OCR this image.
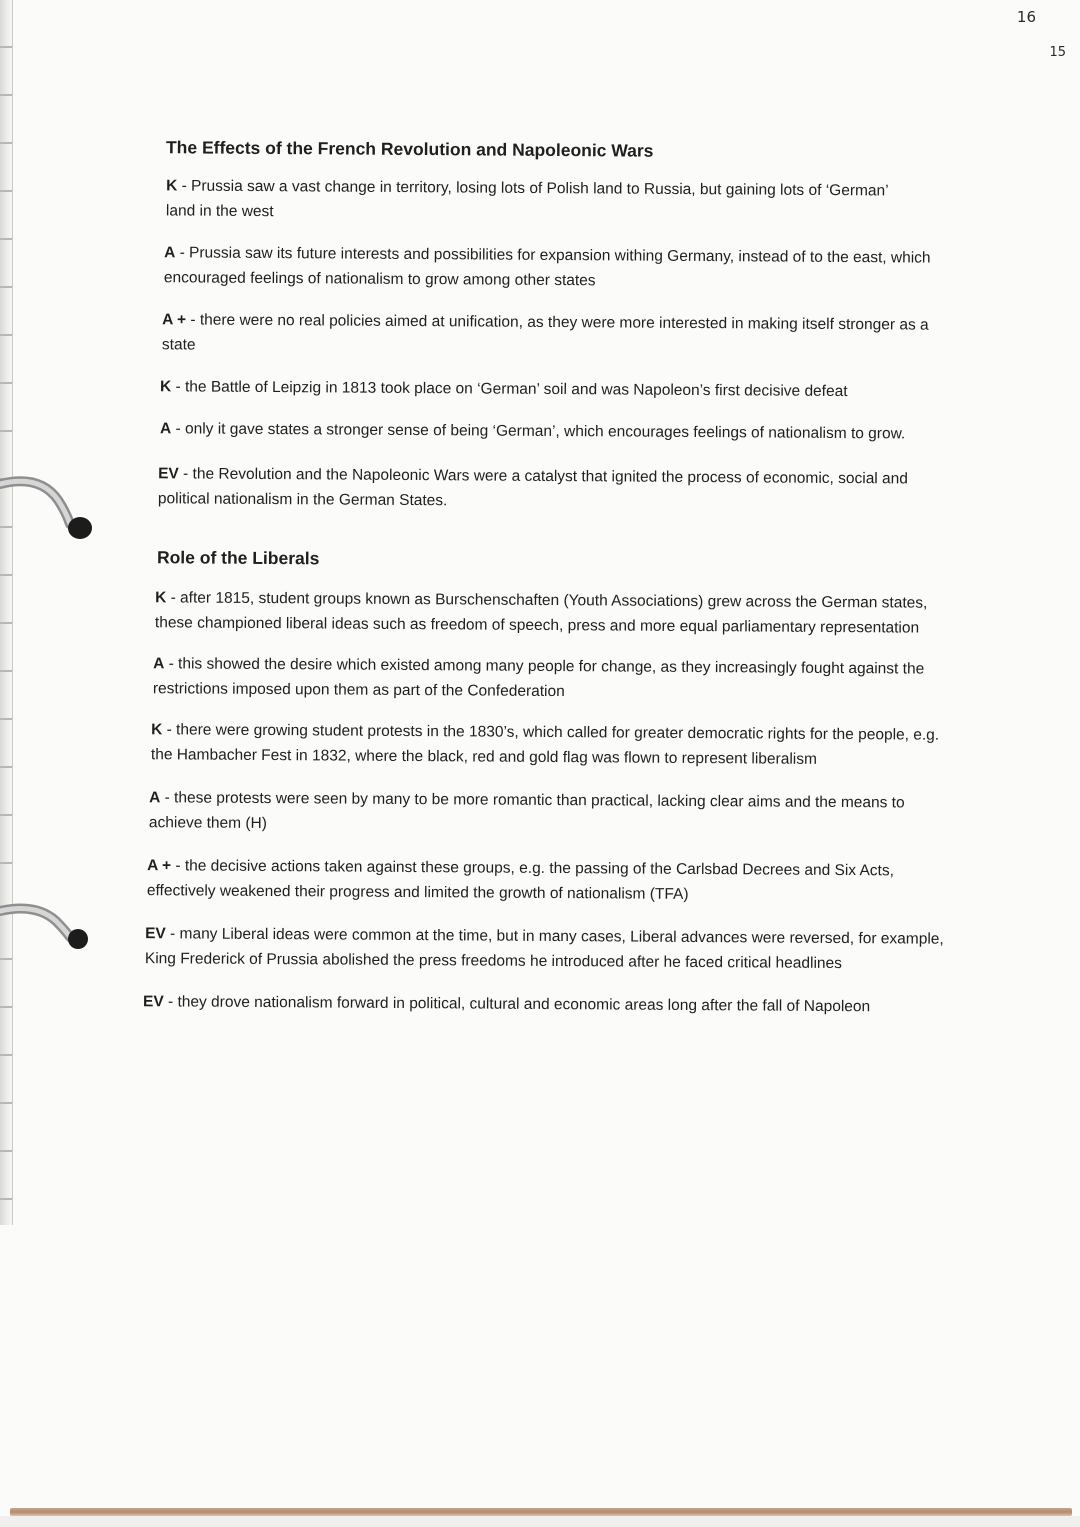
16
15
The Effects of the French Revolution and Napoleonic Wars

K - Prussia saw a vast change in territory, losing lots of Polish land to Russia, but gaining lots of ‘German’ land in the west

A - Prussia saw its future interests and possibilities for expansion withing Germany, instead of to the east, which encouraged feelings of nationalism to grow among other states

A + - there were no real policies aimed at unification, as they were more interested in making itself stronger as a state

K - the Battle of Leipzig in 1813 took place on ‘German’ soil and was Napoleon’s first decisive defeat

A - only it gave states a stronger sense of being ‘German’, which encourages feelings of nationalism to grow.

EV - the Revolution and the Napoleonic Wars were a catalyst that ignited the process of economic, social and political nationalism in the German States.

Role of the Liberals

K - after 1815, student groups known as Burschenschaften (Youth Associations) grew across the German states, these championed liberal ideas such as freedom of speech, press and more equal parliamentary representation

A - this showed the desire which existed among many people for change, as they increasingly fought against the restrictions imposed upon them as part of the Confederation

K - there were growing student protests in the 1830’s, which called for greater democratic rights for the people, e.g. the Hambacher Fest in 1832, where the black, red and gold flag was flown to represent liberalism

A - these protests were seen by many to be more romantic than practical, lacking clear aims and the means to achieve them (H)

A + - the decisive actions taken against these groups, e.g. the passing of the Carlsbad Decrees and Six Acts, effectively weakened their progress and limited the growth of nationalism (TFA)

EV - many Liberal ideas were common at the time, but in many cases, Liberal advances were reversed, for example, King Frederick of Prussia abolished the press freedoms he introduced after he faced critical headlines

EV - they drove nationalism forward in political, cultural and economic areas long after the fall of Napoleon
